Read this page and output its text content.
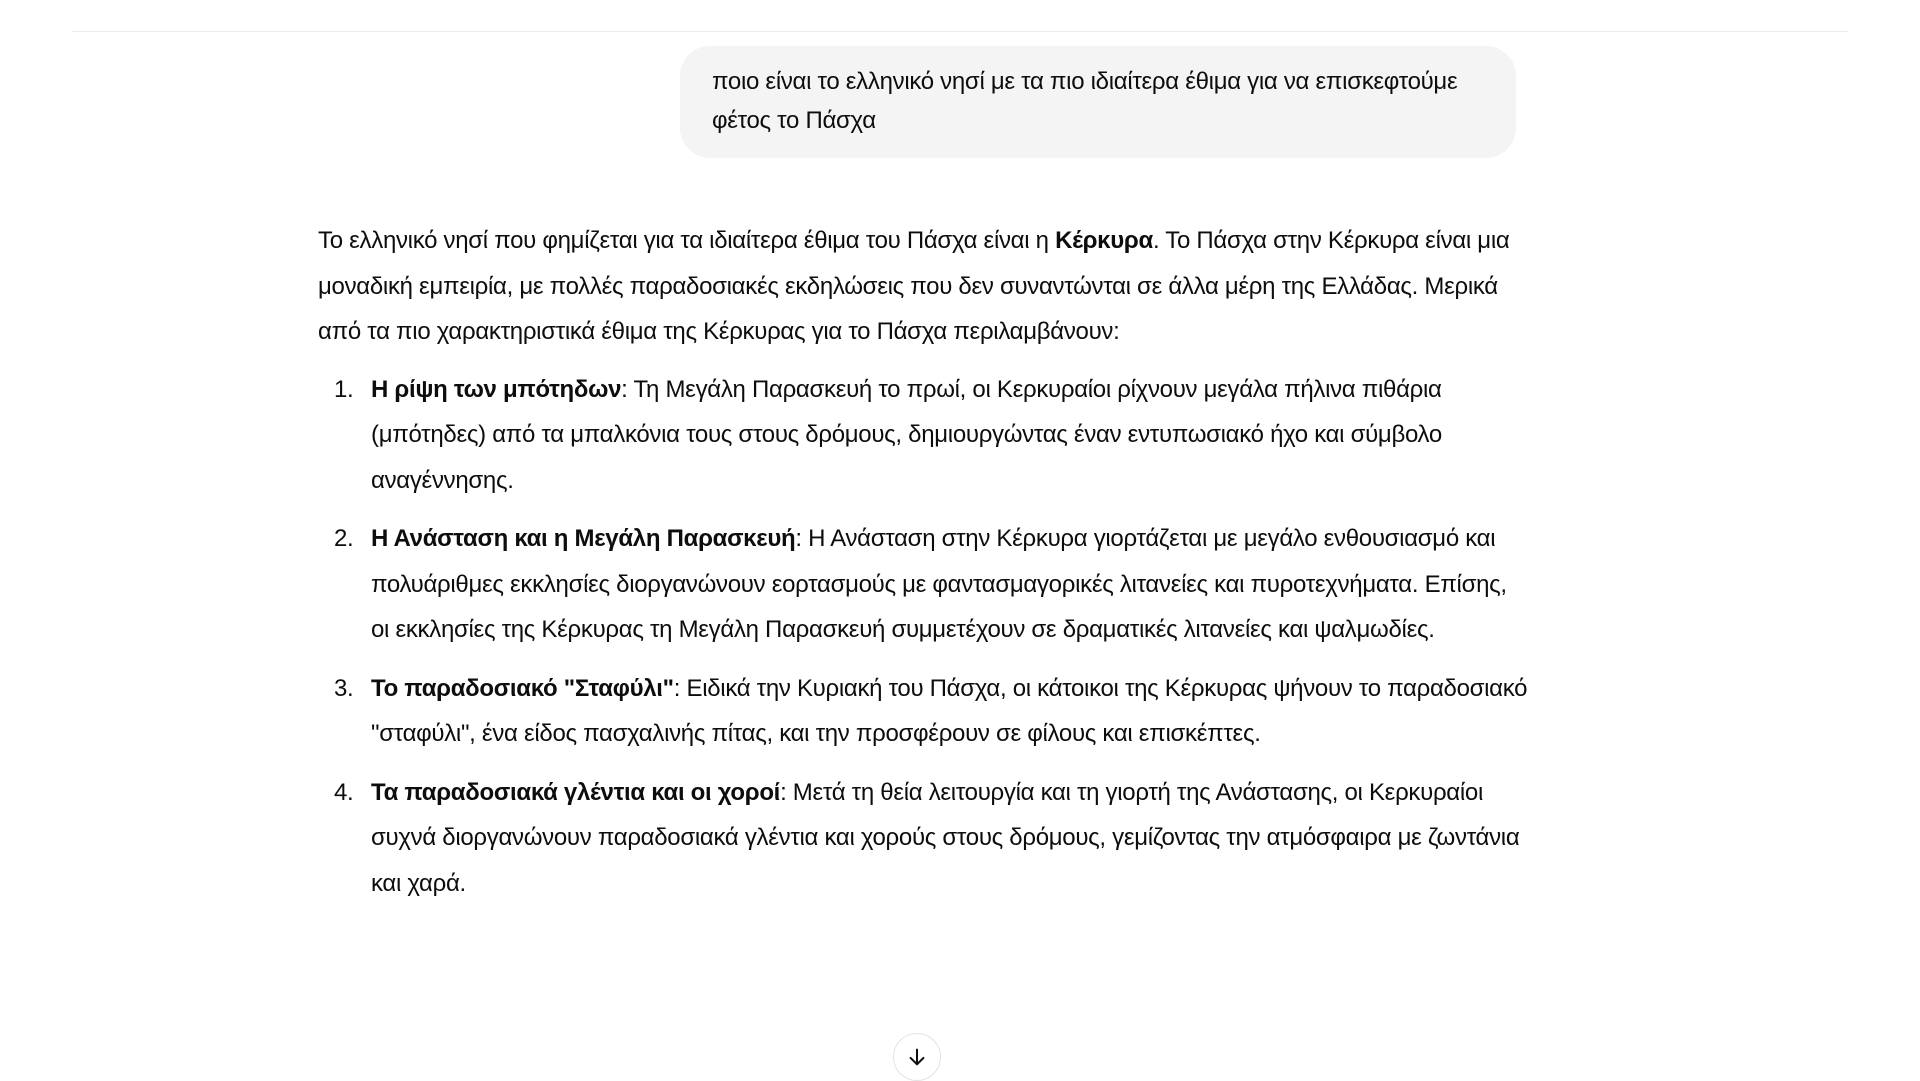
ποιο είναι το ελληνικό νησί με τα πιο ιδιαίτερα έθιμα για να επισκεφτούμε φέτος το Πάσχα

Το ελληνικό νησί που φημίζεται για τα ιδιαίτερα έθιμα του Πάσχα είναι η Κέρκυρα. Το Πάσχα στην Κέρκυρα είναι μια μοναδική εμπειρία, με πολλές παραδοσιακές εκδηλώσεις που δεν συναντώνται σε άλλα μέρη της Ελλάδας. Μερικά από τα πιο χαρακτηριστικά έθιμα της Κέρκυρας για το Πάσχα περιλαμβάνουν:

1. Η ρίψη των μπότηδων: Τη Μεγάλη Παρασκευή το πρωί, οι Κερκυραίοι ρίχνουν μεγάλα πήλινα πιθάρια (μπότηδες) από τα μπαλκόνια τους στους δρόμους, δημιουργώντας έναν εντυπωσιακό ήχο και σύμβολο αναγέννησης.
2. Η Ανάσταση και η Μεγάλη Παρασκευή: Η Ανάσταση στην Κέρκυρα γιορτάζεται με μεγάλο ενθουσιασμό και πολυάριθμες εκκλησίες διοργανώνουν εορτασμούς με φαντασμαγορικές λιτανείες και πυροτεχνήματα. Επίσης, οι εκκλησίες της Κέρκυρας τη Μεγάλη Παρασκευή συμμετέχουν σε δραματικές λιτανείες και ψαλμωδίες.
3. Το παραδοσιακό "Σταφύλι": Ειδικά την Κυριακή του Πάσχα, οι κάτοικοι της Κέρκυρας ψήνουν το παραδοσιακό "σταφύλι", ένα είδος πασχαλινής πίτας, και την προσφέρουν σε φίλους και επισκέπτες.
4. Τα παραδοσιακά γλέντια και οι χοροί: Μετά τη θεία λειτουργία και τη γιορτή της Ανάστασης, οι Κερκυραίοι συχνά διοργανώνουν παραδοσιακά γλέντια και χορούς στους δρόμους, γεμίζοντας την ατμόσφαιρα με ζωντάνια και χαρά.
